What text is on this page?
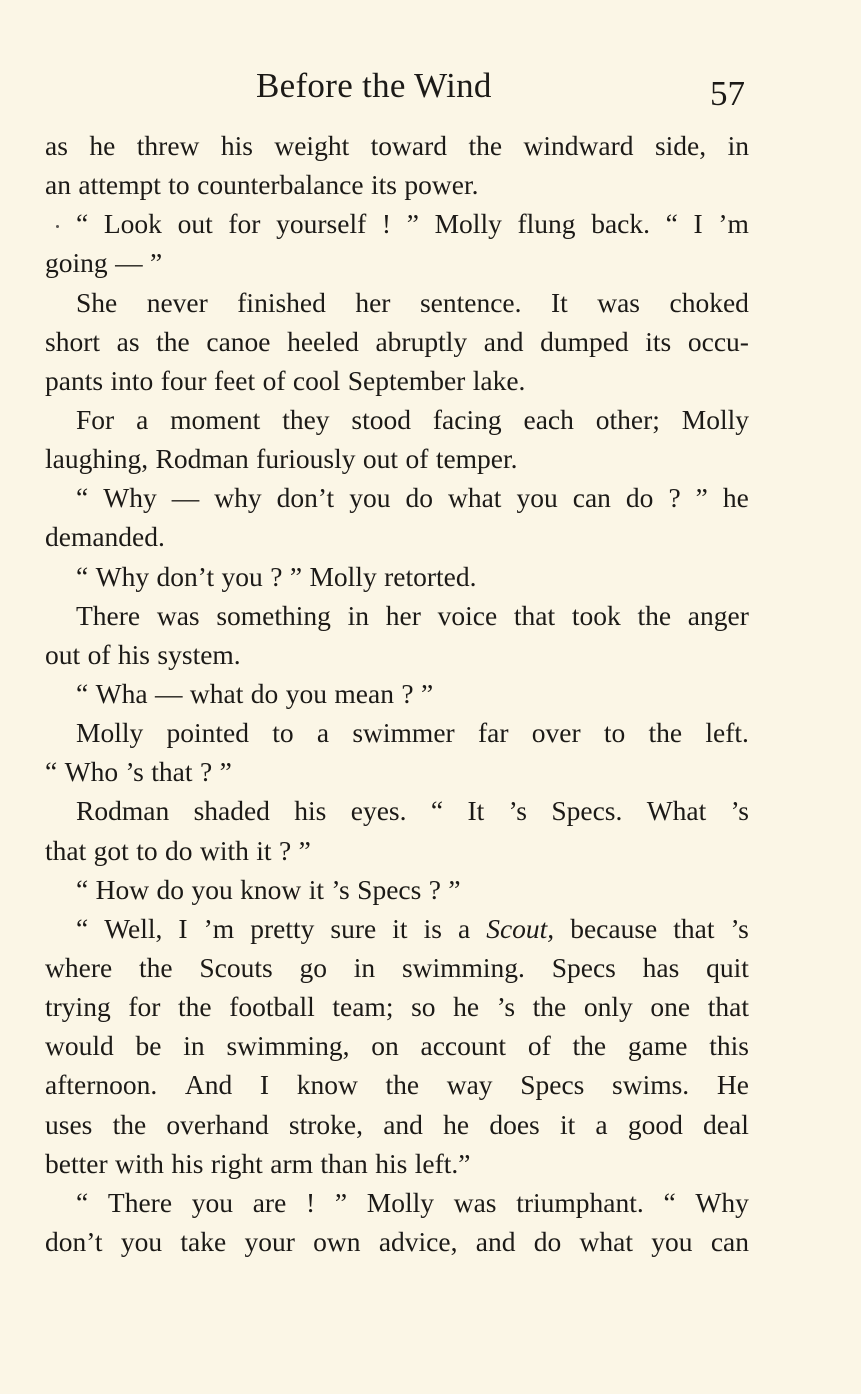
Before the Wind	57
as he threw his weight toward the windward side, in
an attempt to counterbalance its power.
“ Look out for yourself ! ” Molly flung back. “ I ’m
going — ”
She never finished her sentence. It was choked
short as the canoe heeled abruptly and dumped its occu-
pants into four feet of cool September lake.
For a moment they stood facing each other; Molly
laughing, Rodman furiously out of temper.
“ Why — why don’t you do what you can do ? ” he
demanded.
“ Why don’t you ? ” Molly retorted.
There was something in her voice that took the anger
out of his system.
“ Wha — what do you mean ? ”
Molly pointed to a swimmer far over to the left.
“ Who ’s that ? ”
Rodman shaded his eyes. “ It ’s Specs. What ’s
that got to do with it ? ”
“ How do you know it ’s Specs ? ”
“ Well, I ’m pretty sure it is a Scout, because that ’s
where the Scouts go in swimming. Specs has quit
trying for the football team; so he ’s the only one that
would be in swimming, on account of the game this
afternoon. And I know the way Specs swims. He
uses the overhand stroke, and he does it a good deal
better with his right arm than his left.”
“ There you are ! ” Molly was triumphant. “ Why
don’t you take your own advice, and do what you can
